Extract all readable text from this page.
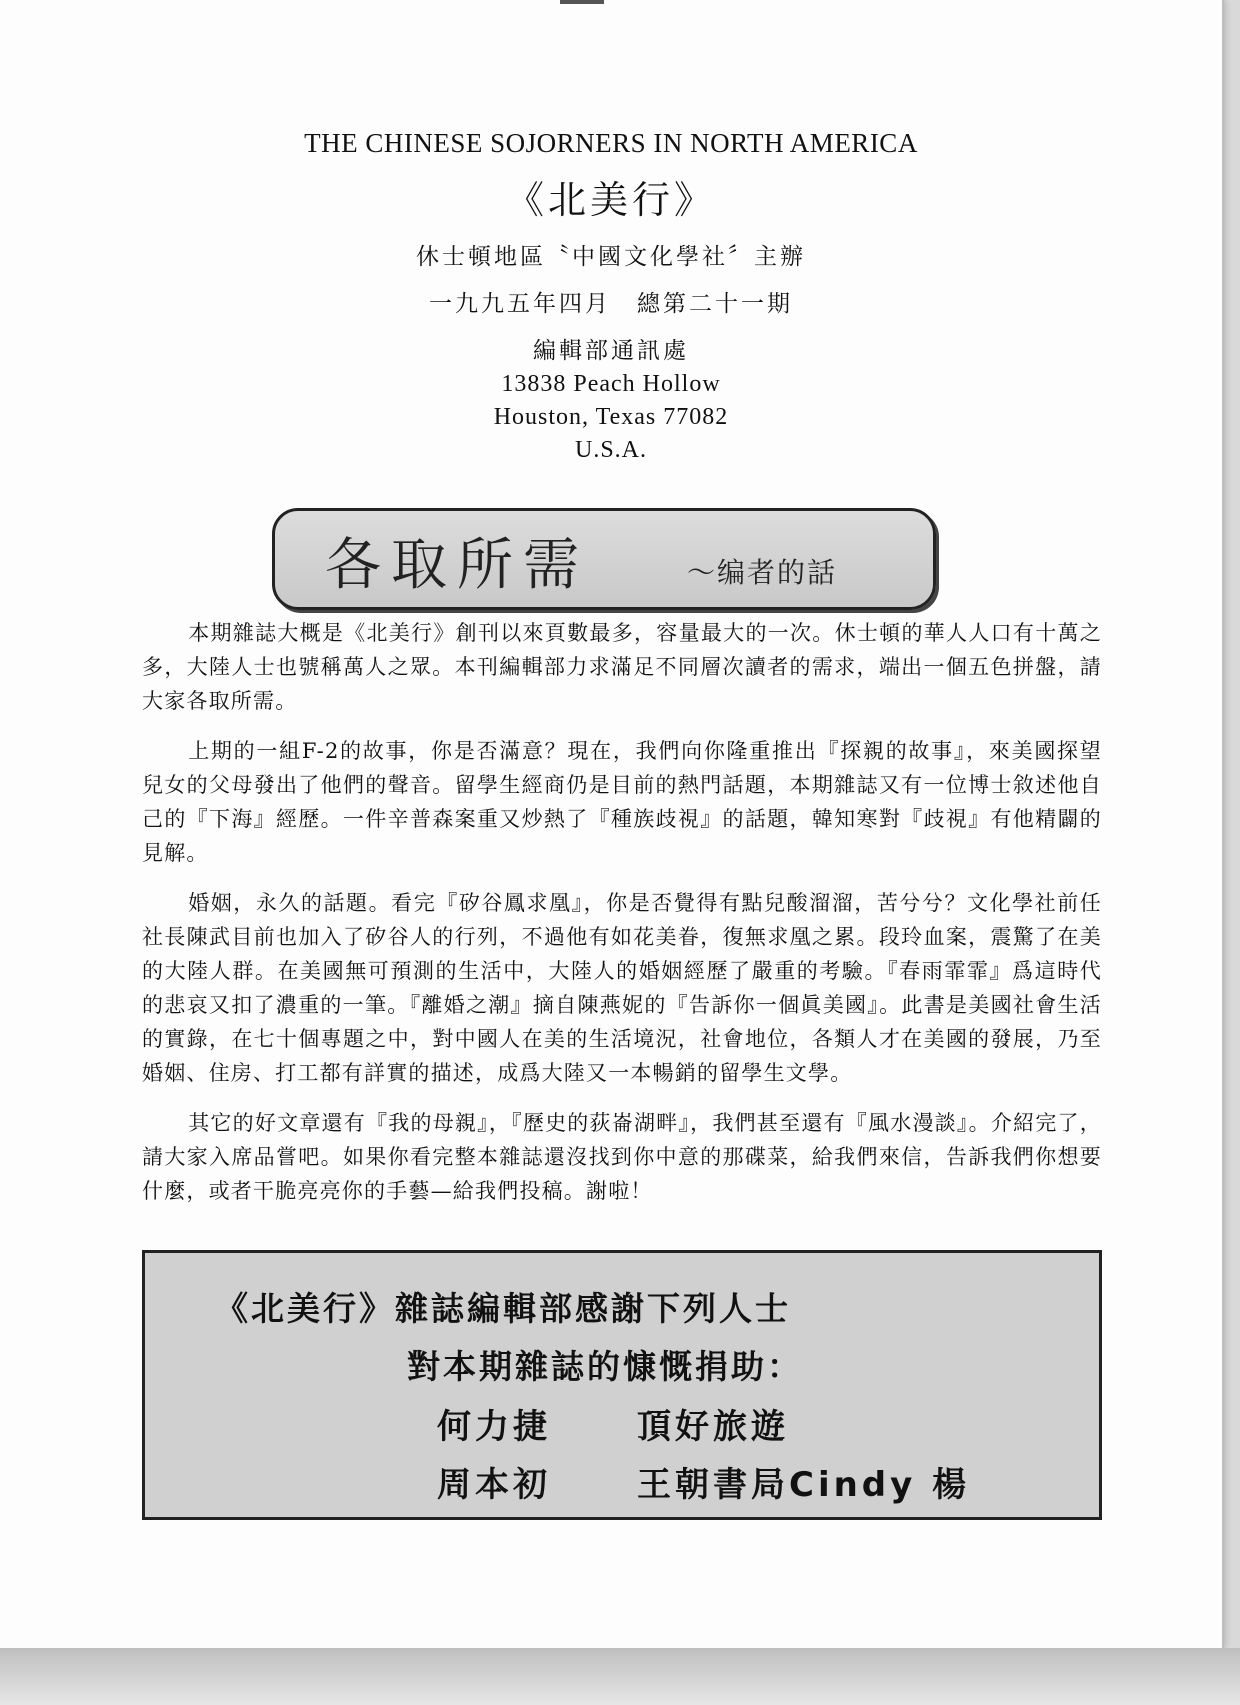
THE CHINESE SOJORNERS IN NORTH AMERICA
《北美行》
休士頓地區〝中國文化學社〞主辦
一九九五年四月　總第二十一期
編輯部通訊處
13838 Peach Hollow
Houston, Texas 77082
U.S.A.
各取所需	～编者的話

本期雜誌大概是《北美行》創刊以來頁數最多，容量最大的一次。休士頓的華人人口有十萬之多，大陸人士也號稱萬人之眾。本刊編輯部力求滿足不同層次讀者的需求，端出一個五色拼盤，請大家各取所需。

上期的一組F-2的故事，你是否滿意？現在，我們向你隆重推出『探親的故事』，來美國探望兒女的父母發出了他們的聲音。留學生經商仍是目前的熱門話題，本期雜誌又有一位博士敘述他自己的『下海』經歷。一件辛普森案重又炒熱了『種族歧視』的話題，韓知寒對『歧視』有他精闢的見解。

婚姻，永久的話題。看完『矽谷鳳求凰』，你是否覺得有點兒酸溜溜，苦兮兮？文化學社前任社長陳武目前也加入了矽谷人的行列，不過他有如花美眷，復無求凰之累。段玲血案，震驚了在美的大陸人群。在美國無可預測的生活中，大陸人的婚姻經歷了嚴重的考驗。『春雨霏霏』爲這時代的悲哀又扣了濃重的一筆。『離婚之潮』摘自陳燕妮的『告訴你一個眞美國』。此書是美國社會生活的實錄，在七十個專題之中，對中國人在美的生活境況，社會地位，各類人才在美國的發展，乃至婚姻、住房、打工都有詳實的描述，成爲大陸又一本暢銷的留學生文學。

其它的好文章還有『我的母親』，『歷史的荻崙湖畔』，我們甚至還有『風水漫談』。介紹完了，請大家入席品嘗吧。如果你看完整本雜誌還沒找到你中意的那碟菜，給我們來信，告訴我們你想要什麼，或者干脆亮亮你的手藝—給我們投稿。謝啦！

《北美行》雜誌編輯部感謝下列人士
對本期雜誌的慷慨捐助：
何力捷	頂好旅遊
周本初	王朝書局Cindy 楊
